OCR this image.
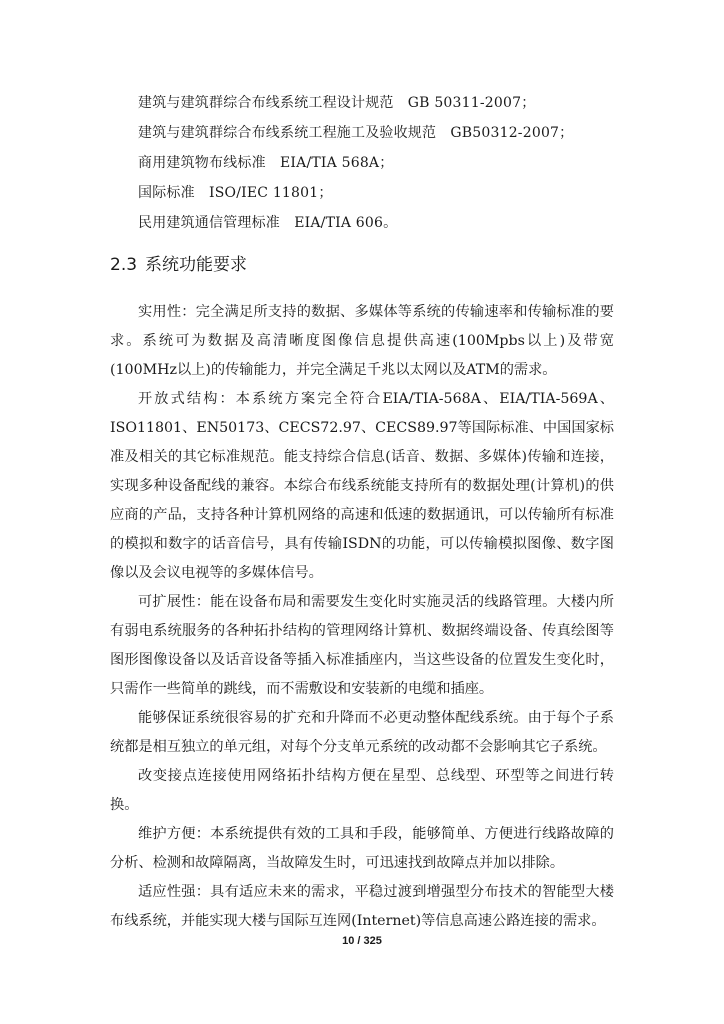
建筑与建筑群综合布线系统工程设计规范　GB 50311-2007；
建筑与建筑群综合布线系统工程施工及验收规范　GB50312-2007；
商用建筑物布线标准　EIA/TIA 568A；
国际标准　ISO/IEC 11801；
民用建筑通信管理标准　EIA/TIA 606。
2.3 系统功能要求

实用性：完全满足所支持的数据、多媒体等系统的传输速率和传输标准的要求。系统可为数据及高清晰度图像信息提供高速(100Mpbs以上)及带宽(100MHz以上)的传输能力，并完全满足千兆以太网以及ATM的需求。

开放式结构：本系统方案完全符合EIA/TIA-568A、EIA/TIA-569A、ISO11801、EN50173、CECS72.97、CECS89.97等国际标准、中国国家标准及相关的其它标准规范。能支持综合信息(话音、数据、多媒体)传输和连接，实现多种设备配线的兼容。本综合布线系统能支持所有的数据处理(计算机)的供应商的产品，支持各种计算机网络的高速和低速的数据通讯，可以传输所有标准的模拟和数字的话音信号，具有传输ISDN的功能，可以传输模拟图像、数字图像以及会议电视等的多媒体信号。

可扩展性：能在设备布局和需要发生变化时实施灵活的线路管理。大楼内所有弱电系统服务的各种拓扑结构的管理网络计算机、数据终端设备、传真绘图等图形图像设备以及话音设备等插入标准插座内，当这些设备的位置发生变化时，只需作一些简单的跳线，而不需敷设和安装新的电缆和插座。

能够保证系统很容易的扩充和升降而不必更动整体配线系统。由于每个子系统都是相互独立的单元组，对每个分支单元系统的改动都不会影响其它子系统。

改变接点连接使用网络拓扑结构方便在星型、总线型、环型等之间进行转换。

维护方便：本系统提供有效的工具和手段，能够简单、方便进行线路故障的分析、检测和故障隔离，当故障发生时，可迅速找到故障点并加以排除。

适应性强：具有适应未来的需求，平稳过渡到增强型分布技术的智能型大楼布线系统，并能实现大楼与国际互连网(Internet)等信息高速公路连接的需求。

10 / 325
